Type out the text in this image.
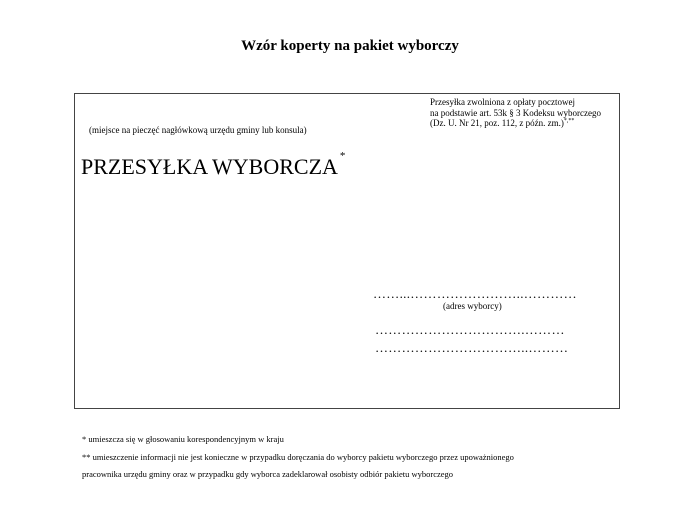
Wzór koperty na pakiet wyborczy
Przesyłka zwolniona z opłaty pocztowej
na podstawie art. 53k § 3 Kodeksu wyborczego
(Dz. U. Nr 21, poz. 112, z późn. zm.)*,**
(miejsce na pieczęć nagłówkową urzędu gminy lub konsula)
PRZESYŁKA WYBORCZA *
……...……………………..…………
(adres wyborcy)
…………………………….………
……………………………..………
* umieszcza się w głosowaniu korespondencyjnym w kraju
** umieszczenie informacji nie jest konieczne w przypadku doręczania do wyborcy pakietu wyborczego przez upoważnionego
pracownika urzędu gminy oraz w przypadku gdy wyborca zadeklarował osobisty odbiór pakietu wyborczego
